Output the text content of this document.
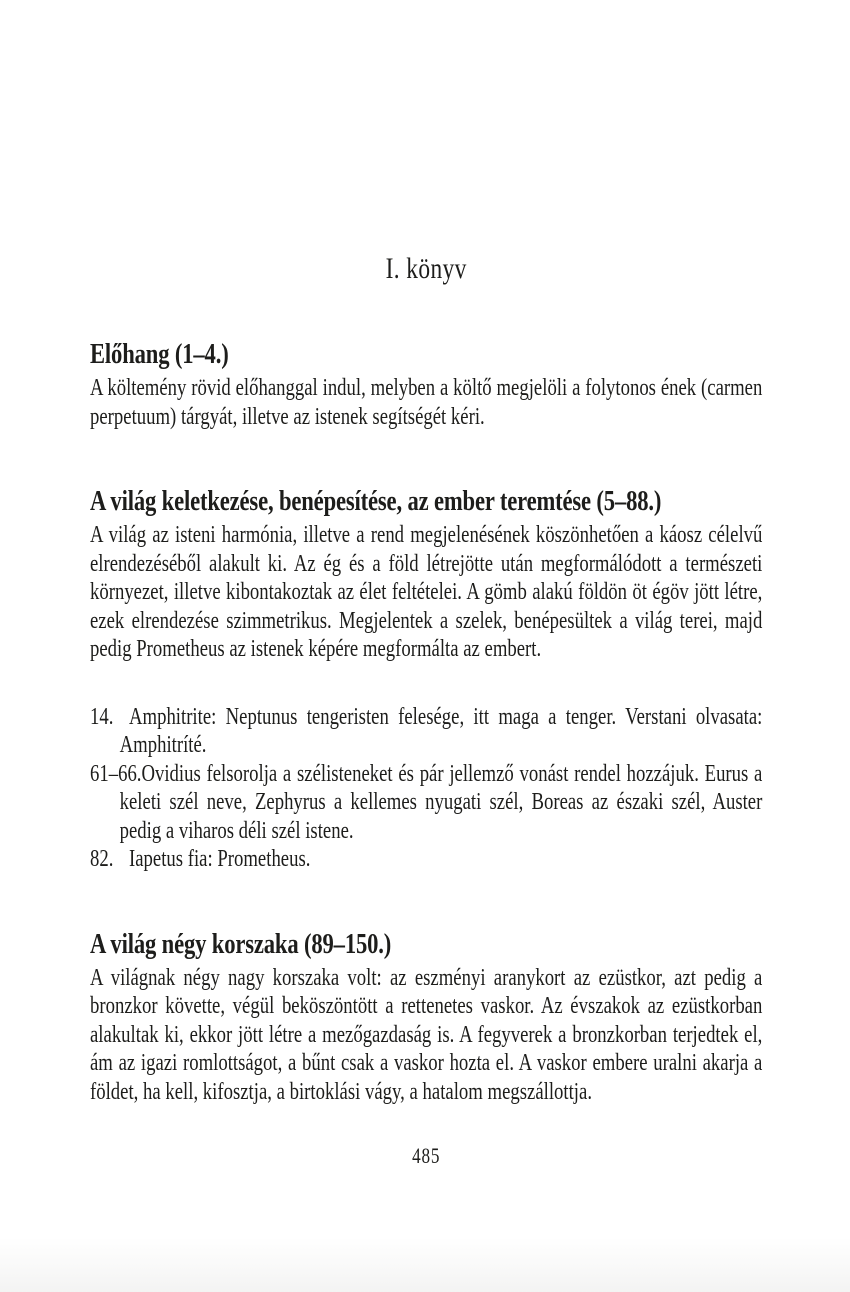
I. könyv
Előhang (1–4.)

A költemény rövid előhanggal indul, melyben a költő megjelöli a folytonos ének (carmen perpetuum) tárgyát, illetve az istenek segítségét kéri.

A világ keletkezése, benépesítése, az ember teremtése (5–88.)

A világ az isteni harmónia, illetve a rend megjelenésének köszönhetően a káosz célelvű elrendezéséből alakult ki. Az ég és a föld létrejötte után megformálódott a természeti környezet, illetve kibontakoztak az élet feltételei. A gömb alakú földön öt égöv jött létre, ezek elrendezése szimmetrikus. Megjelentek a szelek, benépesültek a világ terei, majd pedig Prometheus az istenek képére megformálta az embert.

14. Amphitrite: Neptunus tengeristen felesége, itt maga a tenger. Verstani olvasata: Amphitríté.
61–66.Ovidius felsorolja a szélisteneket és pár jellemző vonást rendel hozzájuk. Eurus a keleti szél neve, Zephyrus a kellemes nyugati szél, Boreas az északi szél, Auster pedig a viharos déli szél istene.
82. Iapetus fia: Prometheus.
A világ négy korszaka (89–150.)

A világnak négy nagy korszaka volt: az eszményi aranykort az ezüstkor, azt pedig a bronzkor követte, végül beköszöntött a rettenetes vaskor. Az évszakok az ezüstkorban alakultak ki, ekkor jött létre a mezőgazdaság is. A fegyverek a bronzkorban terjedtek el, ám az igazi romlottságot, a bűnt csak a vaskor hozta el. A vaskor embere uralni akarja a földet, ha kell, kifosztja, a birtoklási vágy, a hatalom megszállottja.

485
